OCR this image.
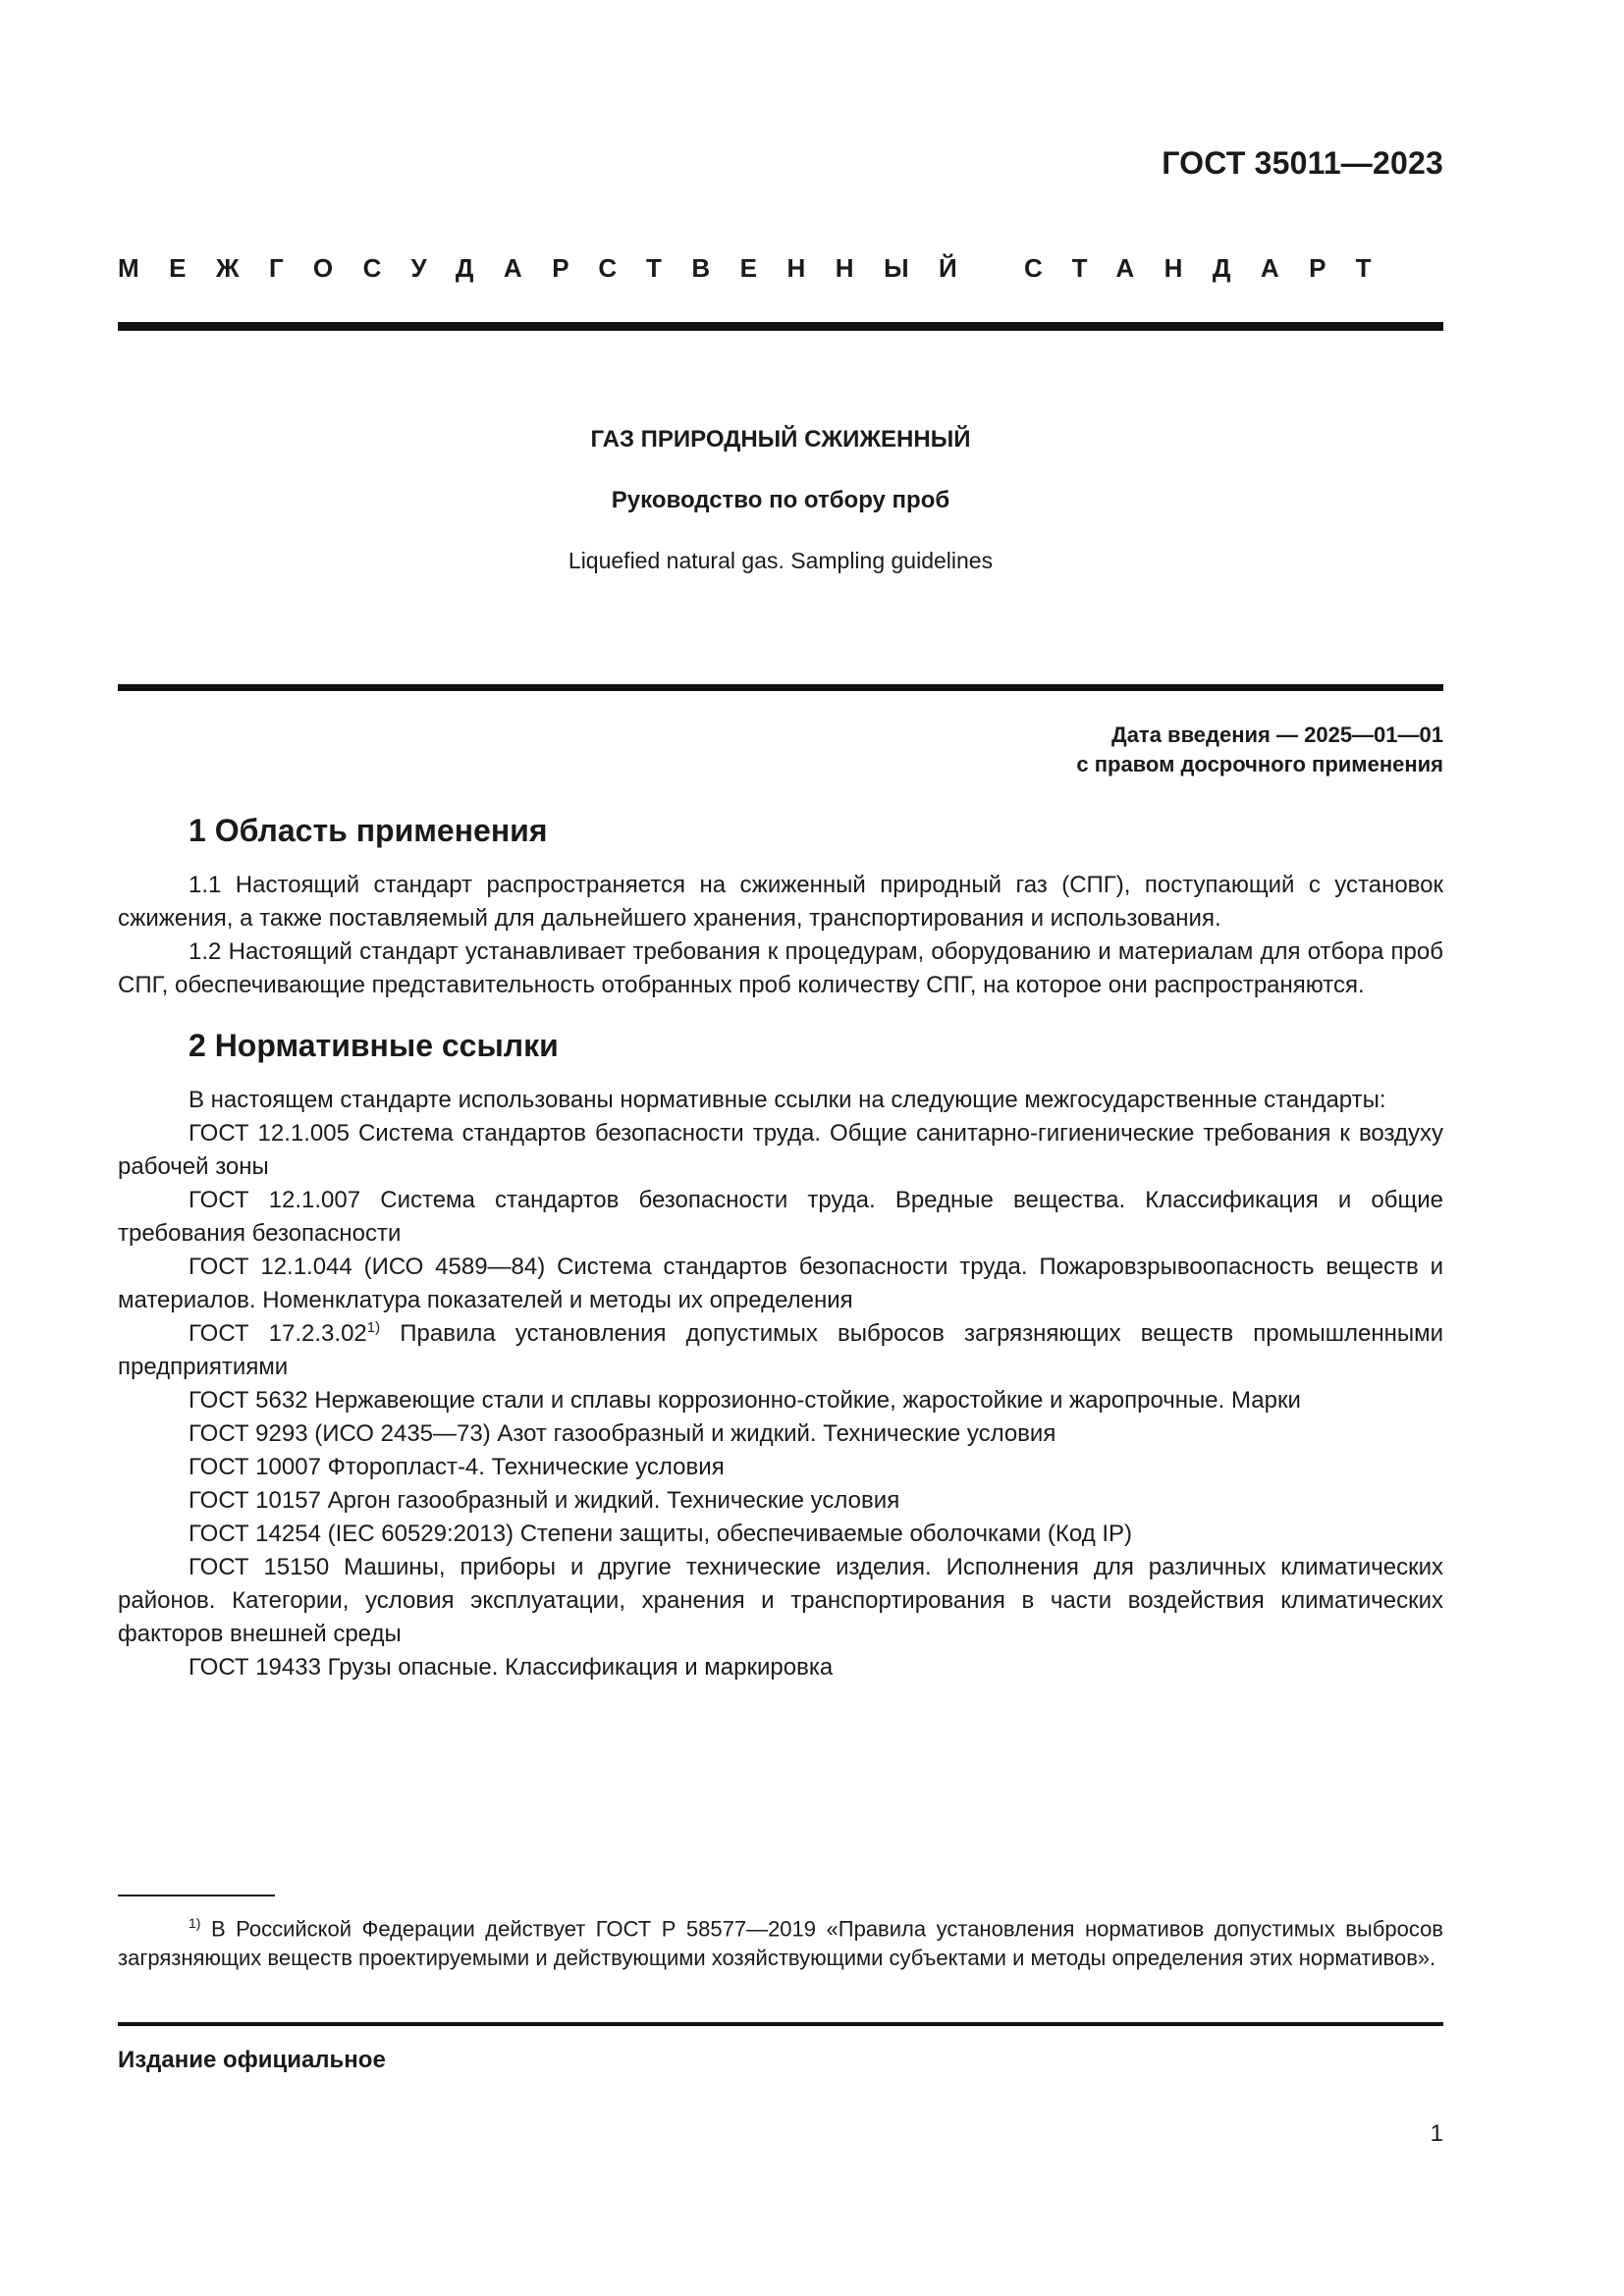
ГОСТ 35011—2023
МЕЖГОСУДАРСТВЕННЫЙ СТАНДАРТ

ГАЗ ПРИРОДНЫЙ СЖИЖЕННЫЙ

Руководство по отбору проб

Liquefied natural gas. Sampling guidelines

Дата введения — 2025—01—01
с правом досрочного применения
1 Область применения

1.1 Настоящий стандарт распространяется на сжиженный природный газ (СПГ), поступающий с установок сжижения, а также поставляемый для дальнейшего хранения, транспортирования и использования.

1.2 Настоящий стандарт устанавливает требования к процедурам, оборудованию и материалам для отбора проб СПГ, обеспечивающие представительность отобранных проб количеству СПГ, на которое они распространяются.

2 Нормативные ссылки

В настоящем стандарте использованы нормативные ссылки на следующие межгосударственные стандарты:

ГОСТ 12.1.005 Система стандартов безопасности труда. Общие санитарно-гигиенические требования к воздуху рабочей зоны
ГОСТ 12.1.007 Система стандартов безопасности труда. Вредные вещества. Классификация и общие требования безопасности
ГОСТ 12.1.044 (ИСО 4589—84) Система стандартов безопасности труда. Пожаровзрывоопасность веществ и материалов. Номенклатура показателей и методы их определения
ГОСТ 17.2.3.02$^{1)}$ Правила установления допустимых выбросов загрязняющих веществ промышленными предприятиями
ГОСТ 5632 Нержавеющие стали и сплавы коррозионно-стойкие, жаростойкие и жаропрочные. Марки
ГОСТ 9293 (ИСО 2435—73) Азот газообразный и жидкий. Технические условия
ГОСТ 10007 Фторопласт-4. Технические условия
ГОСТ 10157 Аргон газообразный и жидкий. Технические условия
ГОСТ 14254 (IEC 60529:2013) Степени защиты, обеспечиваемые оболочками (Код IP)
ГОСТ 15150 Машины, приборы и другие технические изделия. Исполнения для различных климатических районов. Категории, условия эксплуатации, хранения и транспортирования в части воздействия климатических факторов внешней среды
ГОСТ 19433 Грузы опасные. Классификация и маркировка
$^{1)}$ В Российской Федерации действует ГОСТ Р 58577—2019 «Правила установления нормативов допустимых выбросов загрязняющих веществ проектируемыми и действующими хозяйствующими субъектами и методы определения этих нормативов».
Издание официальное
1
